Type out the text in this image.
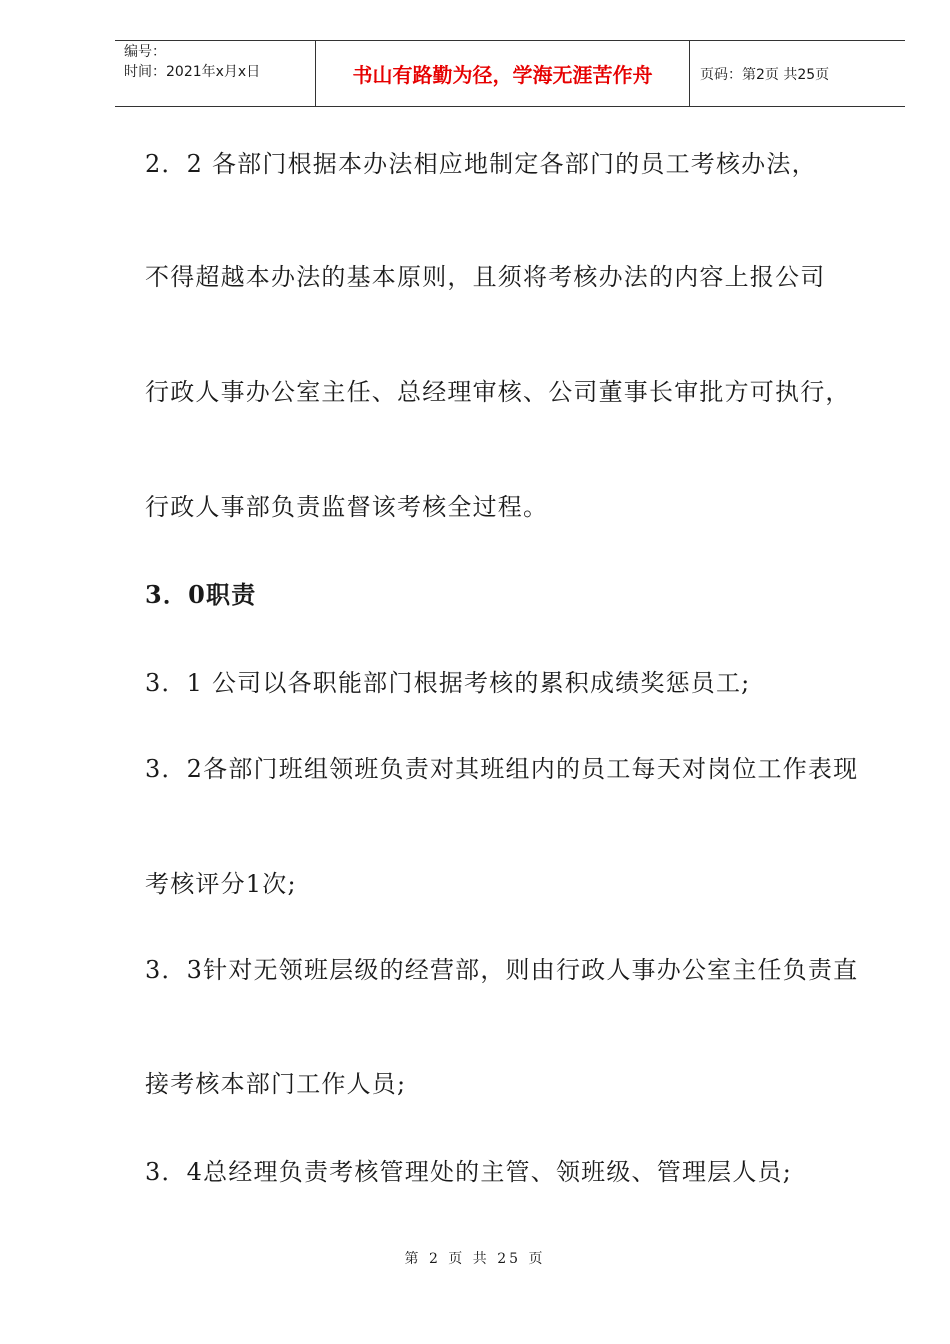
编号：
时间：2021年x月x日	书山有路勤为径，学海无涯苦作舟	页码：第2页 共25页
2．2 各部门根据本办法相应地制定各部门的员工考核办法，
不得超越本办法的基本原则，且须将考核办法的内容上报公司
行政人事办公室主任、总经理审核、公司董事长审批方可执行，
行政人事部负责监督该考核全过程。
3．0职责
3．1 公司以各职能部门根据考核的累积成绩奖惩员工;
3．2各部门班组领班负责对其班组内的员工每天对岗位工作表现
考核评分1次;
3．3针对无领班层级的经营部，则由行政人事办公室主任负责直
接考核本部门工作人员;
3．4总经理负责考核管理处的主管、领班级、管理层人员;
第 2 页 共 25 页
